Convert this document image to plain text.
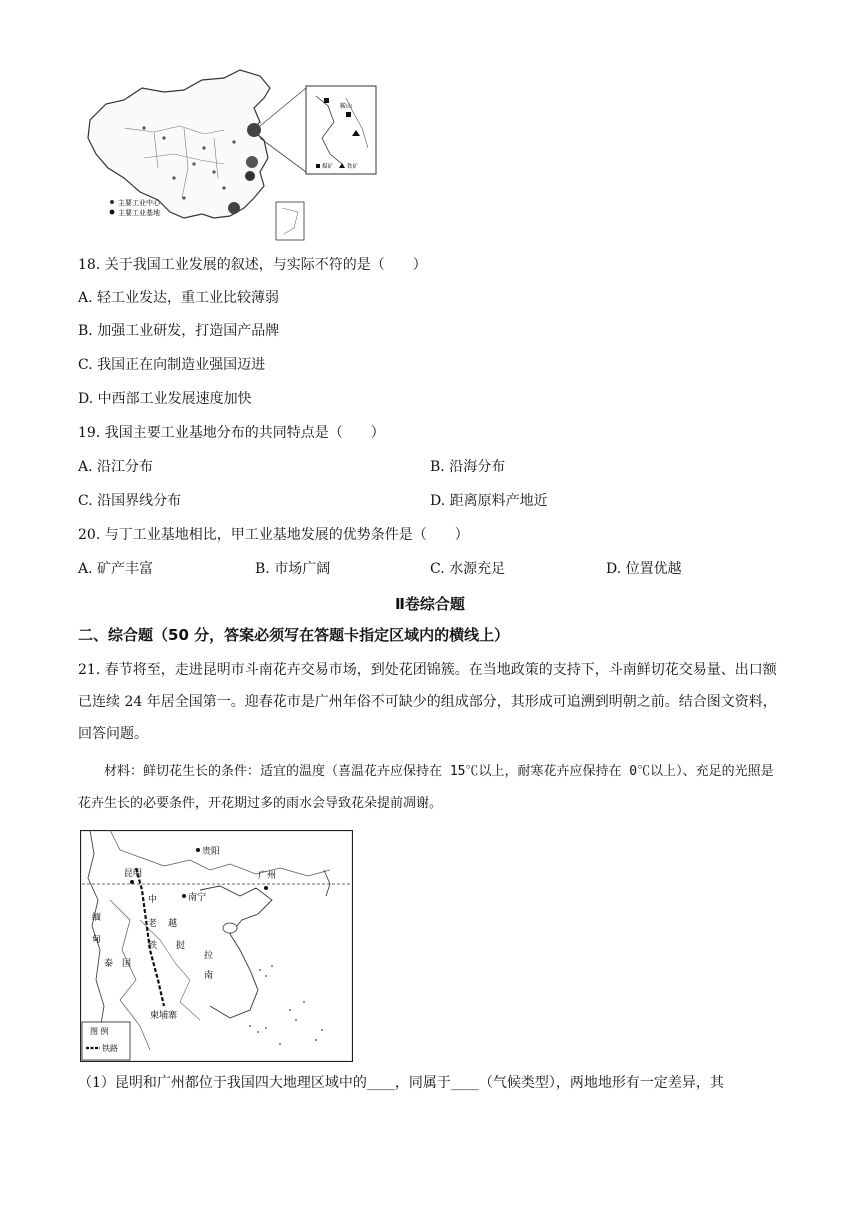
主要工业中心
主要工业基地
鞍山
煤矿	铁矿
18. 关于我国工业发展的叙述，与实际不符的是（　　）
A. 轻工业发达，重工业比较薄弱
B. 加强工业研发，打造国产品牌
C. 我国正在向制造业强国迈进
D. 中西部工业发展速度加快
19. 我国主要工业基地分布的共同特点是（　　）
A. 沿江分布	B. 沿海分布
C. 沿国界线分布	D. 距离原料产地近
20. 与丁工业基地相比，甲工业基地发展的优势条件是（　　）
A. 矿产丰富	B. 市场广阔	C. 水源充足	D. 位置优越
Ⅱ卷综合题
二、综合题（50 分，答案必须写在答题卡指定区域内的横线上）
21. 春节将至，走进昆明市斗南花卉交易市场，到处花团锦簇。在当地政策的支持下，斗南鲜切花交易量、出口额已连续 24 年居全国第一。迎春花市是广州年俗不可缺少的组成部分，其形成可追溯到明朝之前。结合图文资料，回答问题。
材料：鲜切花生长的条件：适宜的温度（喜温花卉应保持在 15℃以上，耐寒花卉应保持在 0℃以上）、充足的光照是花卉生长的必要条件，开花期过多的雨水会导致花朵提前凋谢。
贵阳
昆明	广州
南宁
中
缅
甸
老
铁
越
挝
泰　国
拉
南
柬埔寨
图 例
铁路
（1）昆明和广州都位于我国四大地理区域中的____，同属于____（气候类型），两地地形有一定差异，其
